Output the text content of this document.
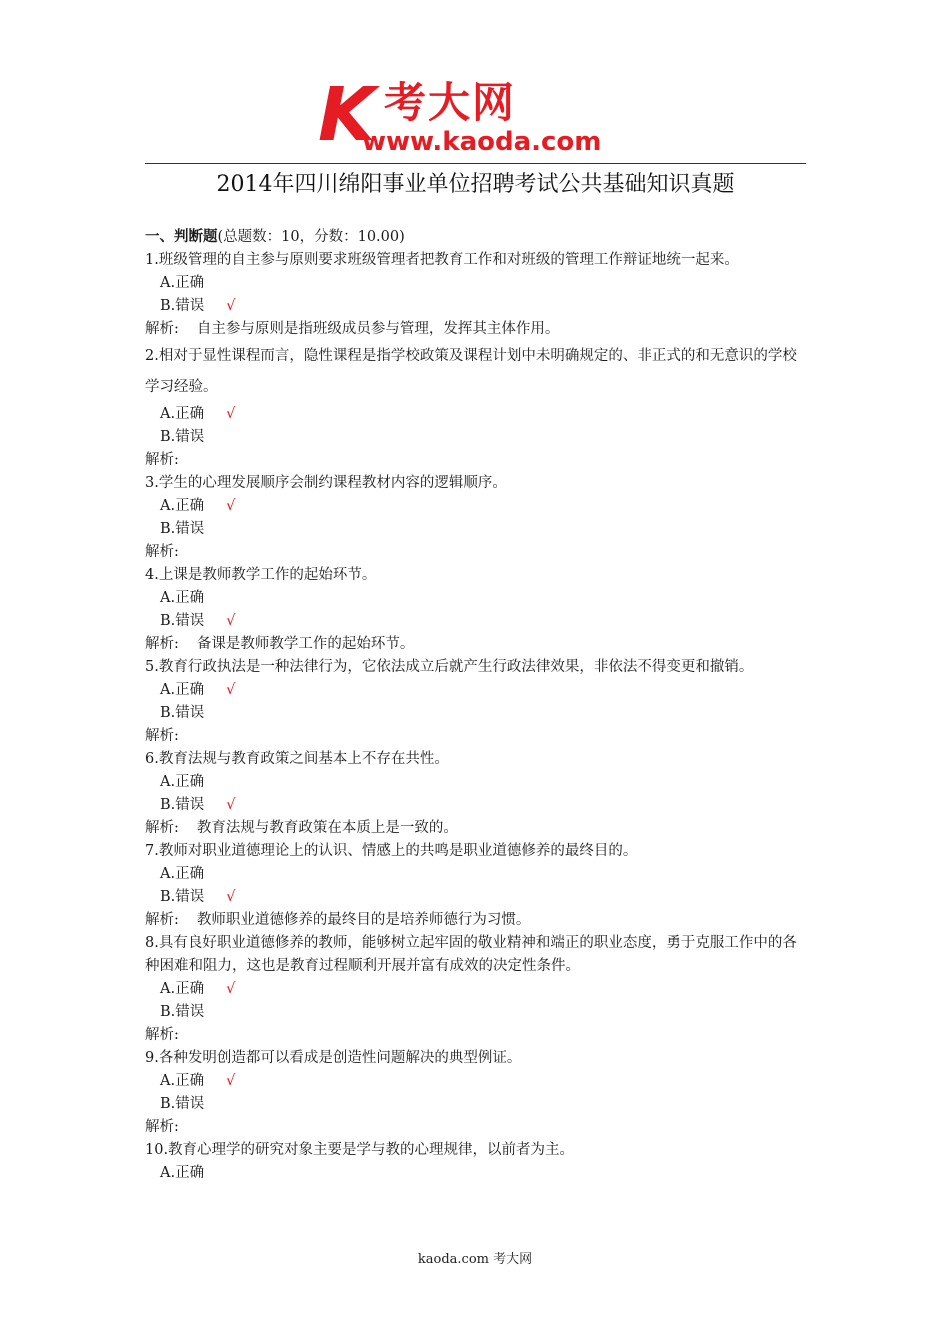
K 考大网
www.kaoda.com
2014年四川绵阳事业单位招聘考试公共基础知识真题
一、判断题(总题数：10，分数：10.00)
1.班级管理的自主参与原则要求班级管理者把教育工作和对班级的管理工作辩证地统一起来。
A.正确
B.错误 √
解析: 自主参与原则是指班级成员参与管理，发挥其主体作用。
2.相对于显性课程而言，隐性课程是指学校政策及课程计划中未明确规定的、非正式的和无意识的学校学习经验。
A.正确 √
B.错误
解析:
3.学生的心理发展顺序会制约课程教材内容的逻辑顺序。
A.正确 √
B.错误
解析:
4.上课是教师教学工作的起始环节。
A.正确
B.错误 √
解析: 备课是教师教学工作的起始环节。
5.教育行政执法是一种法律行为，它依法成立后就产生行政法律效果，非依法不得变更和撤销。
A.正确 √
B.错误
解析:
6.教育法规与教育政策之间基本上不存在共性。
A.正确
B.错误 √
解析: 教育法规与教育政策在本质上是一致的。
7.教师对职业道德理论上的认识、情感上的共鸣是职业道德修养的最终目的。
A.正确
B.错误 √
解析: 教师职业道德修养的最终目的是培养师德行为习惯。
8.具有良好职业道德修养的教师，能够树立起牢固的敬业精神和端正的职业态度，勇于克服工作中的各种困难和阻力，这也是教育过程顺利开展并富有成效的决定性条件。
A.正确 √
B.错误
解析:
9.各种发明创造都可以看成是创造性问题解决的典型例证。
A.正确 √
B.错误
解析:
10.教育心理学的研究对象主要是学与教的心理规律，以前者为主。
A.正确
kaoda.com 考大网
